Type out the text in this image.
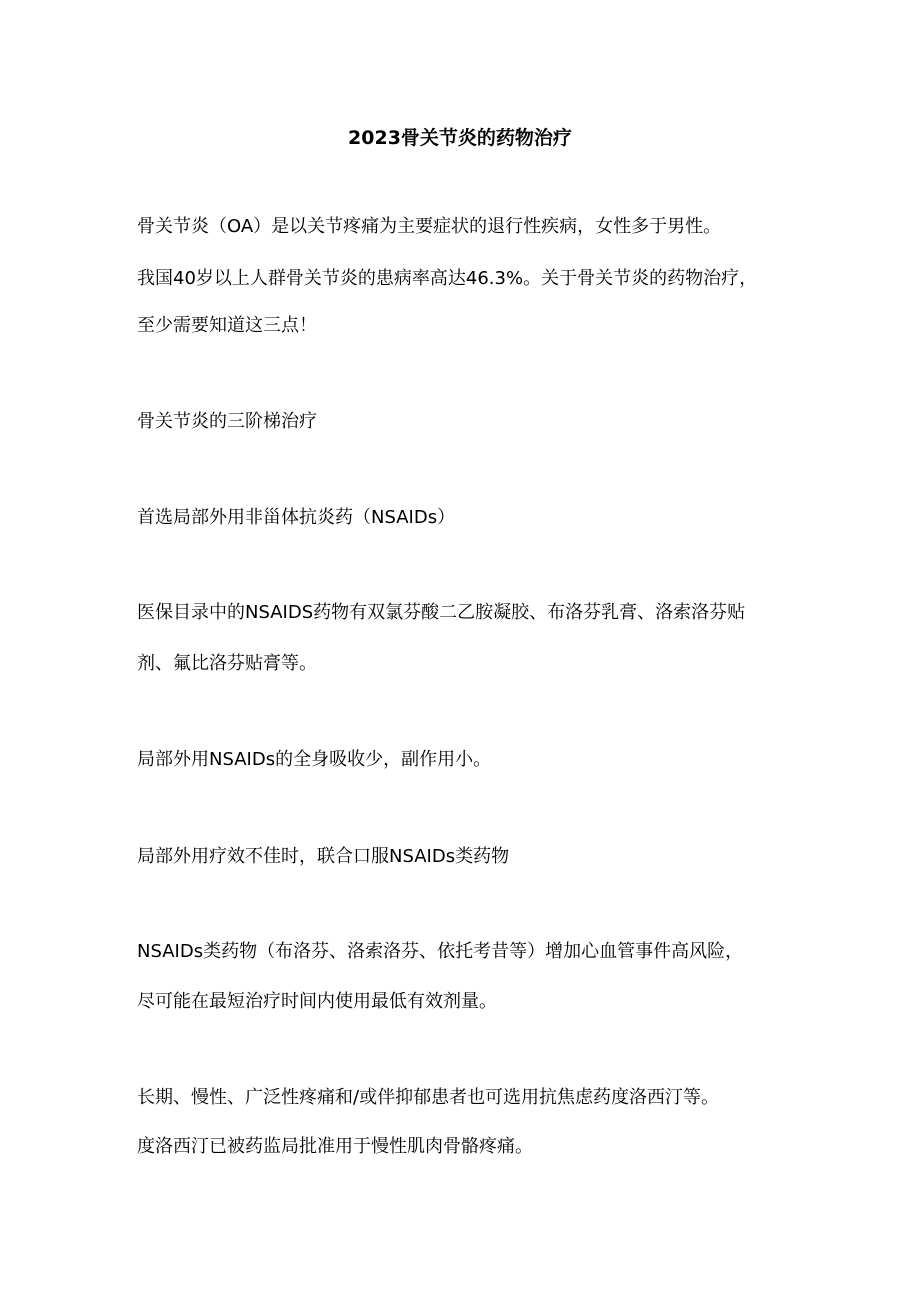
2023骨关节炎的药物治疗
骨关节炎（OA）是以关节疼痛为主要症状的退行性疾病，女性多于男性。
我国40岁以上人群骨关节炎的患病率高达46.3%。关于骨关节炎的药物治疗，
至少需要知道这三点！
骨关节炎的三阶梯治疗
首选局部外用非甾体抗炎药（NSAIDs）
医保目录中的NSAIDS药物有双氯芬酸二乙胺凝胶、布洛芬乳膏、洛索洛芬贴
剂、氟比洛芬贴膏等。
局部外用NSAIDs的全身吸收少，副作用小。
局部外用疗效不佳时，联合口服NSAIDs类药物
NSAIDs类药物（布洛芬、洛索洛芬、依托考昔等）增加心血管事件高风险，
尽可能在最短治疗时间内使用最低有效剂量。
长期、慢性、广泛性疼痛和/或伴抑郁患者也可选用抗焦虑药度洛西汀等。
度洛西汀已被药监局批准用于慢性肌肉骨骼疼痛。
